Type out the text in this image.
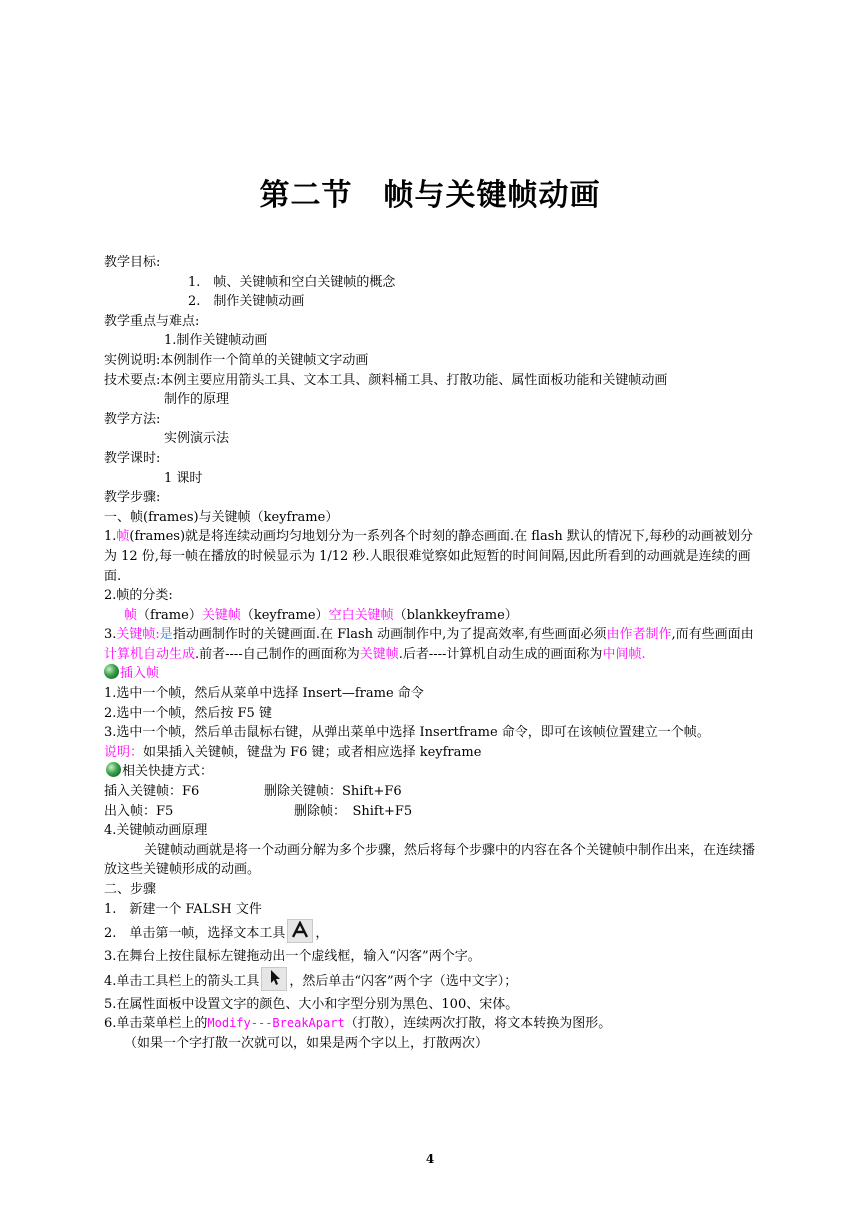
第二节　帧与关键帧动画
教学目标:
1.　帧、关键帧和空白关键帧的概念
2.　制作关键帧动画
教学重点与难点:
1.制作关键帧动画
实例说明:本例制作一个简单的关键帧文字动画
技术要点:本例主要应用箭头工具、文本工具、颜料桶工具、打散功能、属性面板功能和关键帧动画
制作的原理
教学方法:
实例演示法
教学课时:
1 课时
教学步骤:
一、帧(frames)与关键帧（keyframe）
1.帧(frames)就是将连续动画均匀地划分为一系列各个时刻的静态画面.在 flash 默认的情况下,每秒的动画被划分为 12 份,每一帧在播放的时候显示为 1/12 秒.人眼很难觉察如此短暂的时间间隔,因此所看到的动画就是连续的画面.
2.帧的分类:
帧（frame）关键帧（keyframe）空白关键帧（blankkeyframe）
3.关键帧:是指动画制作时的关键画面.在 Flash 动画制作中,为了提高效率,有些画面必须由作者制作,而有些画面由计算机自动生成.前者----自己制作的画面称为关键帧.后者----计算机自动生成的画面称为中间帧.
插入帧
1.选中一个帧，然后从菜单中选择 Insert—frame 命令
2.选中一个帧，然后按 F5 键
3.选中一个帧，然后单击鼠标右键，从弹出菜单中选择 Insertframe 命令，即可在该帧位置建立一个帧。
说明：如果插入关键帧，键盘为 F6 键；或者相应选择 keyframe
相关快捷方式：
插入关键帧：F6	删除关键帧：Shift+F6
出入帧：F5	删除帧：　Shift+F5
4.关键帧动画原理
关键帧动画就是将一个动画分解为多个步骤，然后将每个步骤中的内容在各个关键帧中制作出来，在连续播放这些关键帧形成的动画。
二、步骤
1.　新建一个 FALSH 文件
2.　单击第一帧，选择文本工具 ，
3.在舞台上按住鼠标左键拖动出一个虚线框，输入“闪客”两个字。
4.单击工具栏上的箭头工具 ，然后单击“闪客”两个字（选中文字）；
5.在属性面板中设置文字的颜色、大小和字型分别为黑色、100、宋体。
6.单击菜单栏上的Modify---BreakApart（打散），连续两次打散，将文本转换为图形。
（如果一个字打散一次就可以，如果是两个字以上，打散两次）
4
